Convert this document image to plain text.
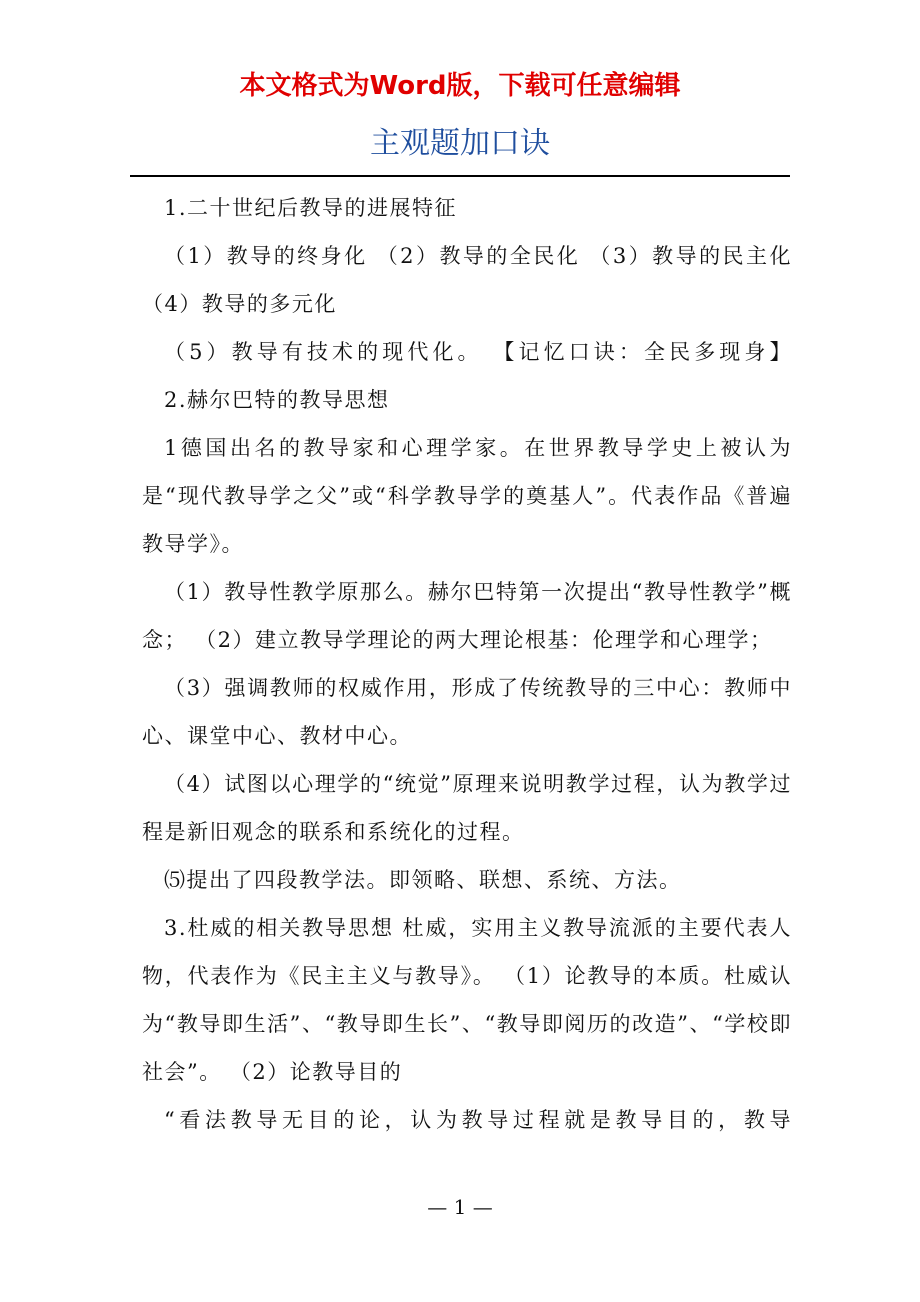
本文格式为Word版，下载可任意编辑
主观题加口诀

1.二十世纪后教导的进展特征

（1）教导的终身化 （2）教导的全民化 （3）教导的民主化 （4）教导的多元化

（5）教导有技术的现代化。 【记忆口诀：全民多现身】

2.赫尔巴特的教导思想

1德国出名的教导家和心理学家。在世界教导学史上被认为是“现代教导学之父”或“科学教导学的奠基人”。代表作品《普遍教导学》。

（1）教导性教学原那么。赫尔巴特第一次提出“教导性教学”概念； （2）建立教导学理论的两大理论根基：伦理学和心理学；

（3）强调教师的权威作用，形成了传统教导的三中心：教师中心、课堂中心、教材中心。

（4）试图以心理学的“统觉”原理来说明教学过程，认为教学过程是新旧观念的联系和系统化的过程。

⑸提出了四段教学法。即领略、联想、系统、方法。

3.杜威的相关教导思想 杜威，实用主义教导流派的主要代表人物，代表作为《民主主义与教导》。 （1）论教导的本质。杜威认为“教导即生活”、“教导即生长”、“教导即阅历的改造”、“学校即社会”。 （2）论教导目的

“看法教导无目的论，认为教导过程就是教导目的，教导

— 1 —
